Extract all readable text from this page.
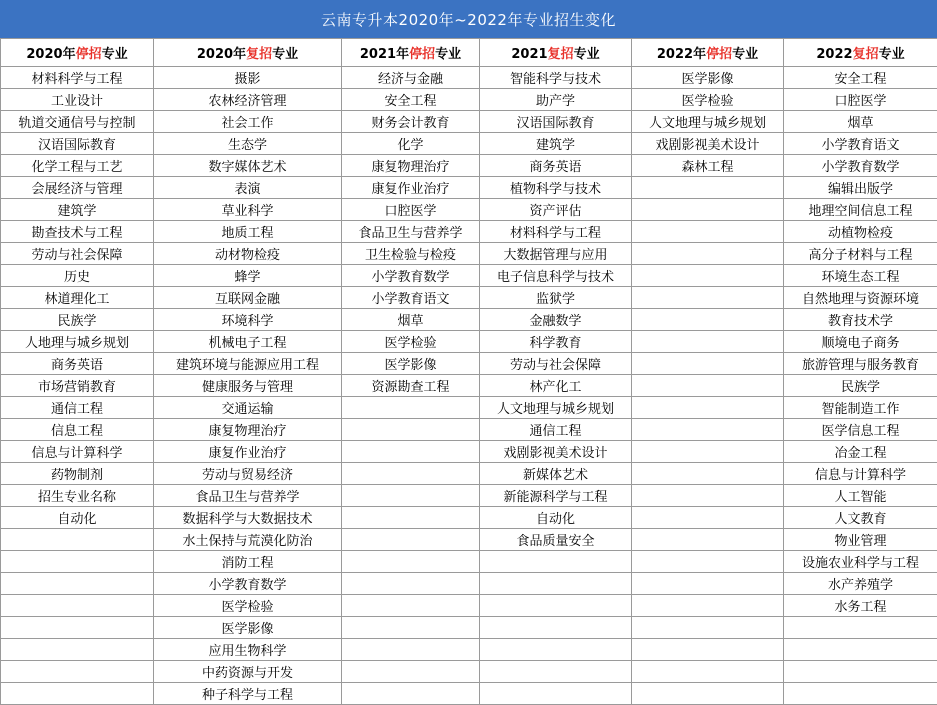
云南专升本2020年~2022年专业招生变化
2020年停招专业	2020年复招专业	2021年停招专业	2021复招专业	2022年停招专业	2022复招专业
材料科学与工程	摄影	经济与金融	智能科学与技术	医学影像	安全工程
工业设计	农林经济管理	安全工程	助产学	医学检验	口腔医学
轨道交通信号与控制	社会工作	财务会计教育	汉语国际教育	人文地理与城乡规划	烟草
汉语国际教育	生态学	化学	建筑学	戏剧影视美术设计	小学教育语文
化学工程与工艺	数字媒体艺术	康复物理治疗	商务英语	森林工程	小学教育数学
会展经济与管理	表演	康复作业治疗	植物科学与技术		编辑出版学
建筑学	草业科学	口腔医学	资产评估		地理空间信息工程
勘查技术与工程	地质工程	食品卫生与营养学	材料科学与工程		动植物检疫
劳动与社会保障	动材物检疫	卫生检验与检疫	大数据管理与应用		高分子材料与工程
历史	蜂学	小学教育数学	电子信息科学与技术		环境生态工程
林道理化工	互联网金融	小学教育语文	监狱学		自然地理与资源环境
民族学	环境科学	烟草	金融数学		教育技术学
人地理与城乡规划	机械电子工程	医学检验	科学教育		顺境电子商务
商务英语	建筑环境与能源应用工程	医学影像	劳动与社会保障		旅游管理与服务教育
市场营销教育	健康服务与管理	资源勘查工程	林产化工		民族学
通信工程	交通运输		人文地理与城乡规划		智能制造工作
信息工程	康复物理治疗		通信工程		医学信息工程
信息与计算科学	康复作业治疗		戏剧影视美术设计		冶金工程
药物制剂	劳动与贸易经济		新媒体艺术		信息与计算科学
招生专业名称	食品卫生与营养学		新能源科学与工程		人工智能
自动化	数据科学与大数据技术		自动化		人文教育
	水土保持与荒漠化防治		食品质量安全		物业管理
	消防工程				设施农业科学与工程
	小学教育数学				水产养殖学
	医学检验				水务工程
	医学影像				
	应用生物科学				
	中药资源与开发				
	种子科学与工程				
